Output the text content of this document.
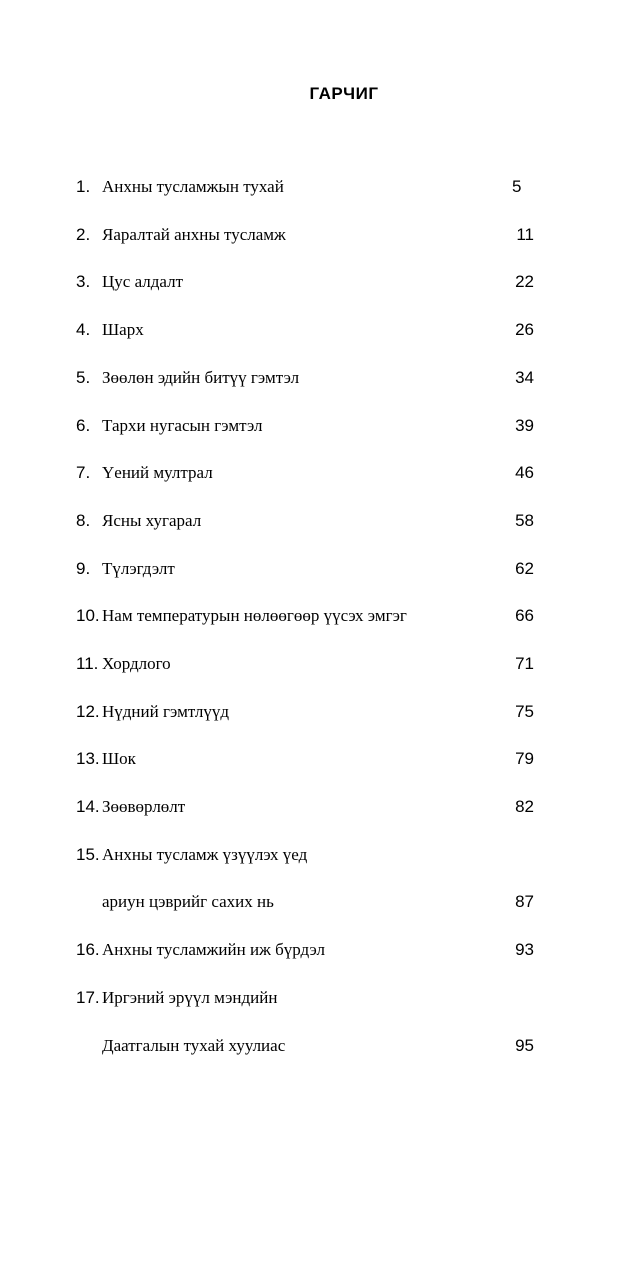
ГАРЧИГ
1. Анхны тусламжын тухай	5
2. Яаралтай анхны тусламж	11
3. Цус алдалт	22
4. Шарх	26
5. Зөөлөн эдийн битүү гэмтэл	34
6. Тархи нугасын гэмтэл	39
7. Үений мултрал	46
8. Ясны хугарал	58
9. Түлэгдэлт	62
10. Нам температурын нөлөөгөөр үүсэх эмгэг	66
11. Хордлого	71
12. Нүдний гэмтлүүд	75
13. Шок	79
14. Зөөвөрлөлт	82
15. Анхны тусламж үзүүлэх үед
ариун цэврийг сахих нь	87
16. Анхны тусламжийн иж бүрдэл	93
17. Иргэний эрүүл мэндийн
Даатгалын тухай хуулиас	95
